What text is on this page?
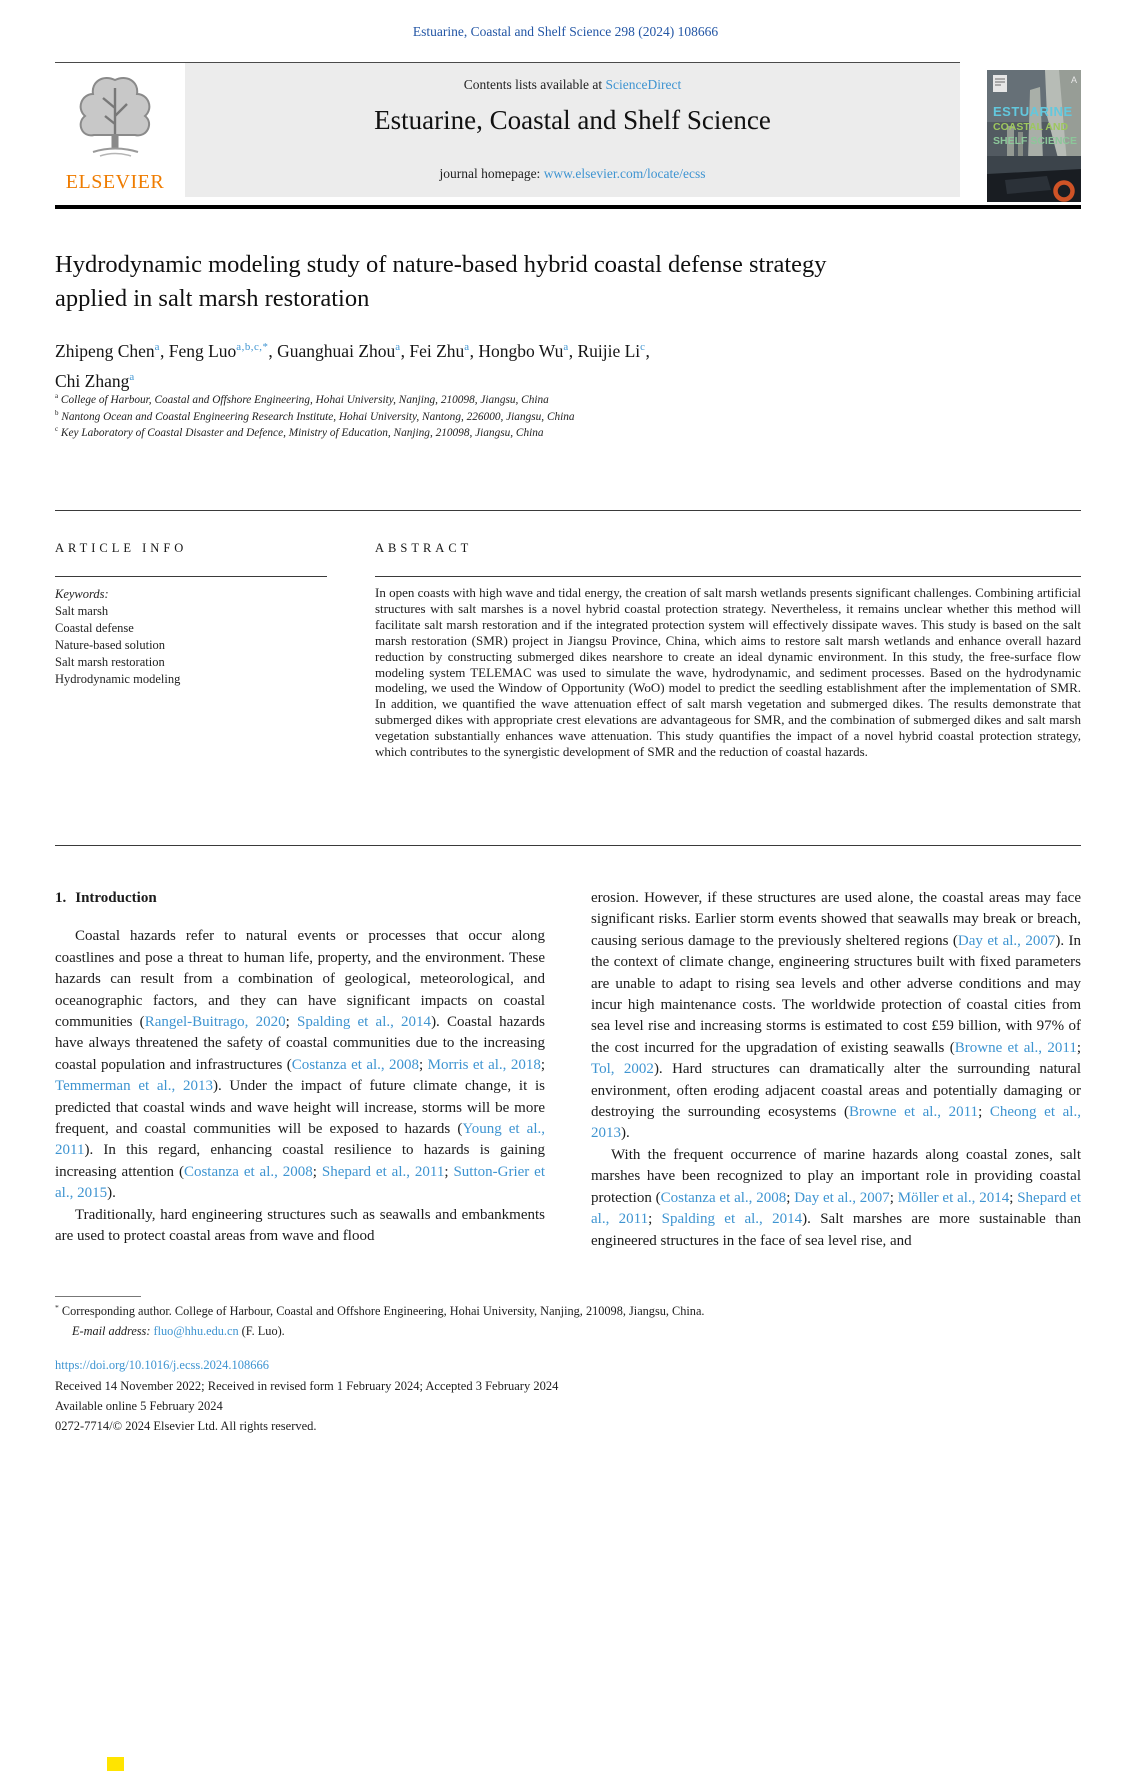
Estuarine, Coastal and Shelf Science 298 (2024) 108666
ELSEVIER
Contents lists available at ScienceDirect
Estuarine, Coastal and Shelf Science
journal homepage: www.elsevier.com/locate/ecss
A
ESTUARINE
COASTAL AND
SHELF SCIENCE
Hydrodynamic modeling study of nature-based hybrid coastal defense strategy applied in salt marsh restoration
Zhipeng Chen$^a$, Feng Luo$^{a,b,c,*}$, Guanghuai Zhou$^a$, Fei Zhu$^a$, Hongbo Wu$^a$, Ruijie Li$^c$,
Chi Zhang$^a$
$^a$ College of Harbour, Coastal and Offshore Engineering, Hohai University, Nanjing, 210098, Jiangsu, China
$^b$ Nantong Ocean and Coastal Engineering Research Institute, Hohai University, Nantong, 226000, Jiangsu, China
$^c$ Key Laboratory of Coastal Disaster and Defence, Ministry of Education, Nanjing, 210098, Jiangsu, China
ARTICLE INFO
Keywords:
Salt marsh
Coastal defense
Nature-based solution
Salt marsh restoration
Hydrodynamic modeling
ABSTRACT

In open coasts with high wave and tidal energy, the creation of salt marsh wetlands presents significant challenges. Combining artificial structures with salt marshes is a novel hybrid coastal protection strategy. Nevertheless, it remains unclear whether this method will facilitate salt marsh restoration and if the integrated protection system will effectively dissipate waves. This study is based on the salt marsh restoration (SMR) project in Jiangsu Province, China, which aims to restore salt marsh wetlands and enhance overall hazard reduction by constructing submerged dikes nearshore to create an ideal dynamic environment. In this study, the free-surface flow modeling system TELEMAC was used to simulate the wave, hydrodynamic, and sediment processes. Based on the hydrodynamic modeling, we used the Window of Opportunity (WoO) model to predict the seedling establishment after the implementation of SMR. In addition, we quantified the wave attenuation effect of salt marsh vegetation and submerged dikes. The results demonstrate that submerged dikes with appropriate crest elevations are advantageous for SMR, and the combination of submerged dikes and salt marsh vegetation substantially enhances wave attenuation. This study quantifies the impact of a novel hybrid coastal protection strategy, which contributes to the synergistic development of SMR and the reduction of coastal hazards.

1. Introduction

Coastal hazards refer to natural events or processes that occur along coastlines and pose a threat to human life, property, and the environment. These hazards can result from a combination of geological, meteorological, and oceanographic factors, and they can have significant impacts on coastal communities (Rangel-Buitrago, 2020; Spalding et al., 2014). Coastal hazards have always threatened the safety of coastal communities due to the increasing coastal population and infrastructures (Costanza et al., 2008; Morris et al., 2018; Temmerman et al., 2013). Under the impact of future climate change, it is predicted that coastal winds and wave height will increase, storms will be more frequent, and coastal communities will be exposed to hazards (Young et al., 2011). In this regard, enhancing coastal resilience to hazards is gaining increasing attention (Costanza et al., 2008; Shepard et al., 2011; Sutton-Grier et al., 2015).

Traditionally, hard engineering structures such as seawalls and embankments are used to protect coastal areas from wave and flood

erosion. However, if these structures are used alone, the coastal areas may face significant risks. Earlier storm events showed that seawalls may break or breach, causing serious damage to the previously sheltered regions (Day et al., 2007). In the context of climate change, engineering structures built with fixed parameters are unable to adapt to rising sea levels and other adverse conditions and may incur high maintenance costs. The worldwide protection of coastal cities from sea level rise and increasing storms is estimated to cost £59 billion, with 97% of the cost incurred for the upgradation of existing seawalls (Browne et al., 2011; Tol, 2002). Hard structures can dramatically alter the surrounding natural environment, often eroding adjacent coastal areas and potentially damaging or destroying the surrounding ecosystems (Browne et al., 2011; Cheong et al., 2013).

With the frequent occurrence of marine hazards along coastal zones, salt marshes have been recognized to play an important role in providing coastal protection (Costanza et al., 2008; Day et al., 2007; Möller et al., 2014; Shepard et al., 2011; Spalding et al., 2014). Salt marshes are more sustainable than engineered structures in the face of sea level rise, and

* Corresponding author. College of Harbour, Coastal and Offshore Engineering, Hohai University, Nanjing, 210098, Jiangsu, China.
E-mail address: fluo@hhu.edu.cn (F. Luo).
https://doi.org/10.1016/j.ecss.2024.108666
Received 14 November 2022; Received in revised form 1 February 2024; Accepted 3 February 2024
Available online 5 February 2024
0272-7714/© 2024 Elsevier Ltd. All rights reserved.
